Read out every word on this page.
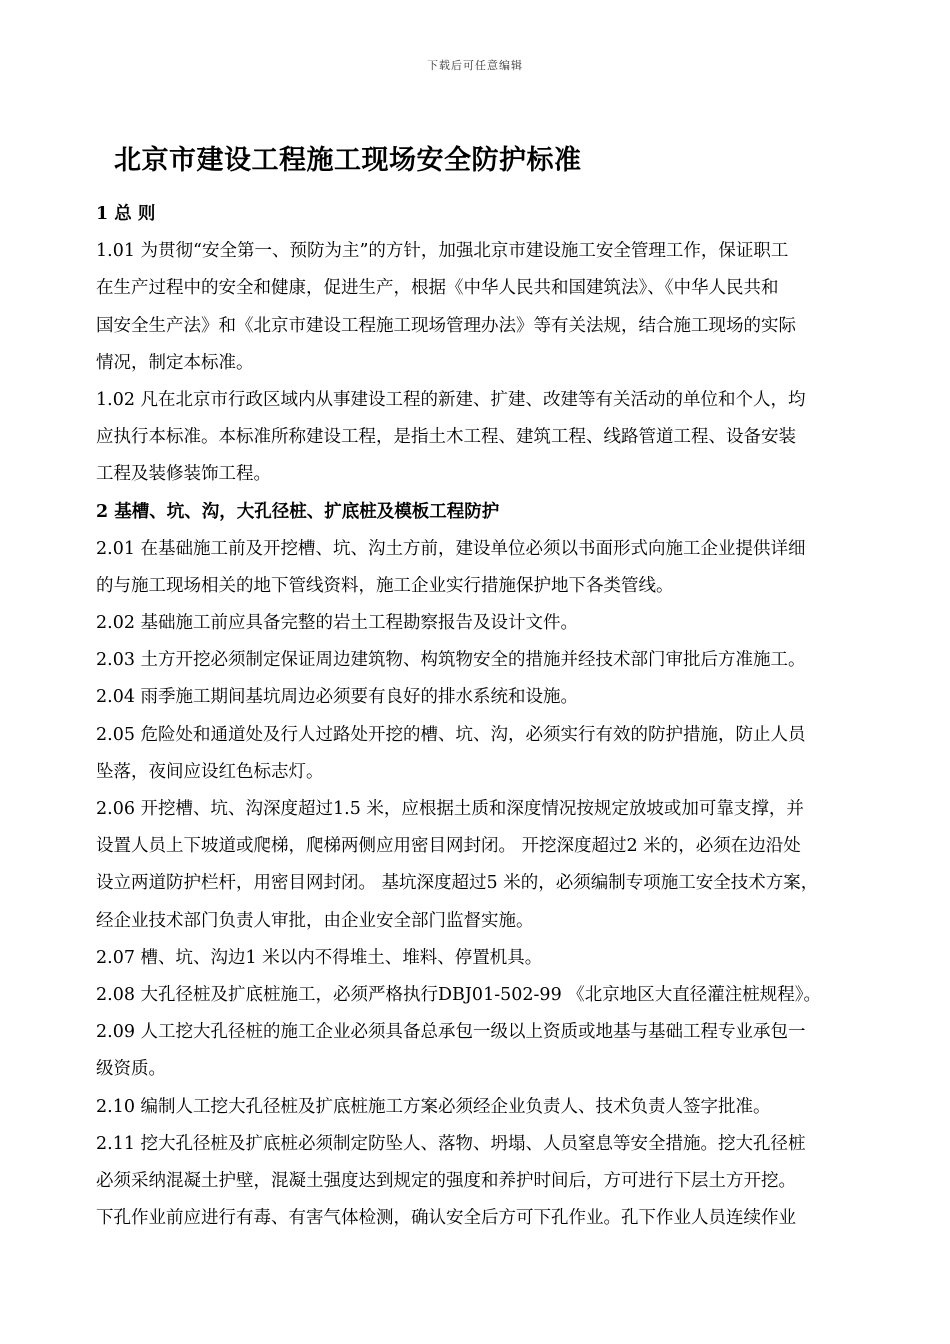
下载后可任意编辑
北京市建设工程施工现场安全防护标准
1 总 则
1.01 为贯彻“安全第一、预防为主”的方针，加强北京市建设施工安全管理工作，保证职工
在生产过程中的安全和健康，促进生产，根据《中华人民共和国建筑法》、《中华人民共和
国安全生产法》和《北京市建设工程施工现场管理办法》等有关法规，结合施工现场的实际
情况，制定本标准。
1.02 凡在北京市行政区域内从事建设工程的新建、扩建、改建等有关活动的单位和个人，均
应执行本标准。本标准所称建设工程，是指土木工程、建筑工程、线路管道工程、设备安装
工程及装修装饰工程。
2 基槽、坑、沟，大孔径桩、扩底桩及模板工程防护
2.01 在基础施工前及开挖槽、坑、沟土方前，建设单位必须以书面形式向施工企业提供详细
的与施工现场相关的地下管线资料，施工企业实行措施保护地下各类管线。
2.02 基础施工前应具备完整的岩土工程勘察报告及设计文件。
2.03 土方开挖必须制定保证周边建筑物、构筑物安全的措施并经技术部门审批后方准施工。
2.04 雨季施工期间基坑周边必须要有良好的排水系统和设施。
2.05 危险处和通道处及行人过路处开挖的槽、坑、沟，必须实行有效的防护措施，防止人员
坠落，夜间应设红色标志灯。
2.06 开挖槽、坑、沟深度超过1.5 米，应根据土质和深度情况按规定放坡或加可靠支撑，并
设置人员上下坡道或爬梯，爬梯两侧应用密目网封闭。 开挖深度超过2 米的，必须在边沿处
设立两道防护栏杆，用密目网封闭。 基坑深度超过5 米的，必须编制专项施工安全技术方案，
经企业技术部门负责人审批，由企业安全部门监督实施。
2.07 槽、坑、沟边1 米以内不得堆土、堆料、停置机具。
2.08 大孔径桩及扩底桩施工，必须严格执行DBJ01-502-99 《北京地区大直径灌注桩规程》。
2.09 人工挖大孔径桩的施工企业必须具备总承包一级以上资质或地基与基础工程专业承包一
级资质。
2.10 编制人工挖大孔径桩及扩底桩施工方案必须经企业负责人、技术负责人签字批准。
2.11 挖大孔径桩及扩底桩必须制定防坠人、落物、坍塌、人员窒息等安全措施。挖大孔径桩
必须采纳混凝土护壁，混凝土强度达到规定的强度和养护时间后，方可进行下层土方开挖。
下孔作业前应进行有毒、有害气体检测，确认安全后方可下孔作业。孔下作业人员连续作业
